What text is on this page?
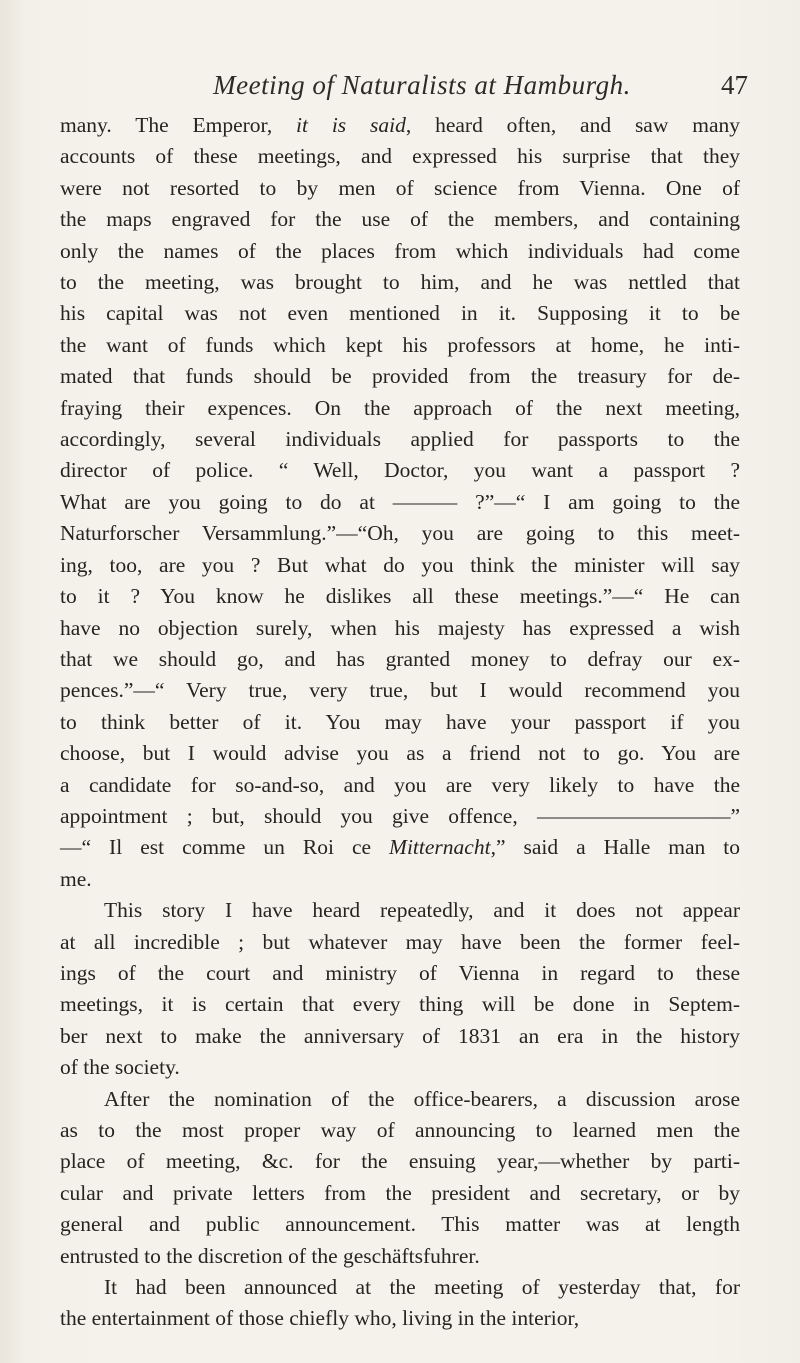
Meeting of Naturalists at Hamburgh.	47

many. The Emperor, it is said, heard often, and saw many

accounts of these meetings, and expressed his surprise that they

were not resorted to by men of science from Vienna. One of

the maps engraved for the use of the members, and containing

only the names of the places from which individuals had come

to the meeting, was brought to him, and he was nettled that

his capital was not even mentioned in it. Supposing it to be

the want of funds which kept his professors at home, he inti-

mated that funds should be provided from the treasury for de-

fraying their expences. On the approach of the next meeting,

accordingly, several individuals applied for passports to the

director of police. “ Well, Doctor, you want a passport ?

What are you going to do at ——— ?”—“ I am going to the

Naturforscher Versammlung.”—“Oh, you are going to this meet-

ing, too, are you ? But what do you think the minister will say

to it ? You know he dislikes all these meetings.”—“ He can

have no objection surely, when his majesty has expressed a wish

that we should go, and has granted money to defray our ex-

pences.”—“ Very true, very true, but I would recommend you

to think better of it. You may have your passport if you

choose, but I would advise you as a friend not to go. You are

a candidate for so-and-so, and you are very likely to have the

appointment ; but, should you give offence, —————————”

—“ Il est comme un Roi ce Mitternacht,” said a Halle man to

me.

This story I have heard repeatedly, and it does not appear

at all incredible ; but whatever may have been the former feel-

ings of the court and ministry of Vienna in regard to these

meetings, it is certain that every thing will be done in Septem-

ber next to make the anniversary of 1831 an era in the history

of the society.

After the nomination of the office-bearers, a discussion arose

as to the most proper way of announcing to learned men the

place of meeting, &c. for the ensuing year,—whether by parti-

cular and private letters from the president and secretary, or by

general and public announcement. This matter was at length

entrusted to the discretion of the geschäftsfuhrer.

It had been announced at the meeting of yesterday that, for

the entertainment of those chiefly who, living in the interior,
